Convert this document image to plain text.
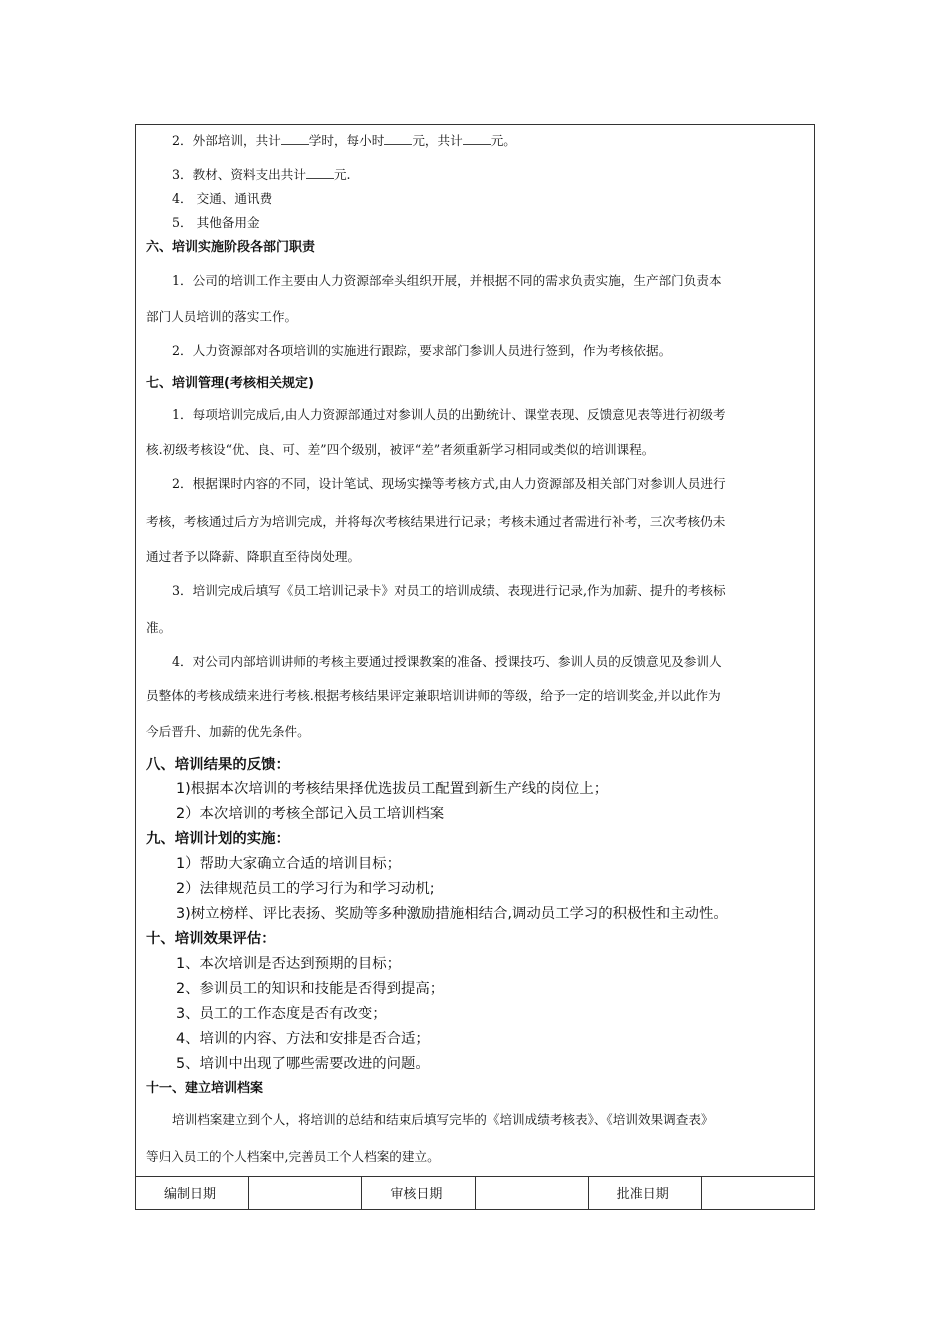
2．外部培训，共计 学时，每小时 元，共计 元。
3．教材、资料支出共计 元.
4． 交通、通讯费
5． 其他备用金
六、培训实施阶段各部门职责
1．公司的培训工作主要由人力资源部牵头组织开展，并根据不同的需求负责实施，生产部门负责本
部门人员培训的落实工作。
2．人力资源部对各项培训的实施进行跟踪，要求部门参训人员进行签到，作为考核依据。
七、培训管理(考核相关规定)
1．每项培训完成后,由人力资源部通过对参训人员的出勤统计、课堂表现、反馈意见表等进行初级考
核.初级考核设“优、良、可、差”四个级别，被评“差”者须重新学习相同或类似的培训课程。
2．根据课时内容的不同，设计笔试、现场实操等考核方式,由人力资源部及相关部门对参训人员进行
考核，考核通过后方为培训完成，并将每次考核结果进行记录；考核未通过者需进行补考，三次考核仍未
通过者予以降薪、降职直至待岗处理。
3．培训完成后填写《员工培训记录卡》对员工的培训成绩、表现进行记录,作为加薪、提升的考核标
准。
4．对公司内部培训讲师的考核主要通过授课教案的准备、授课技巧、参训人员的反馈意见及参训人
员整体的考核成绩来进行考核.根据考核结果评定兼职培训讲师的等级，给予一定的培训奖金,并以此作为
今后晋升、加薪的优先条件。
八、培训结果的反馈：
1)根据本次培训的考核结果择优选拔员工配置到新生产线的岗位上；
2）本次培训的考核全部记入员工培训档案
九、培训计划的实施：
1）帮助大家确立合适的培训目标；
2）法律规范员工的学习行为和学习动机;
3)树立榜样、评比表扬、奖励等多种激励措施相结合,调动员工学习的积极性和主动性。
十、培训效果评估：
1、本次培训是否达到预期的目标；
2、参训员工的知识和技能是否得到提高；
3、员工的工作态度是否有改变；
4、培训的内容、方法和安排是否合适；
5、培训中出现了哪些需要改进的问题。
十一、建立培训档案
培训档案建立到个人，将培训的总结和结束后填写完毕的《培训成绩考核表》、《培训效果调查表》
等归入员工的个人档案中,完善员工个人档案的建立。
编制日期	审核日期	批准日期
